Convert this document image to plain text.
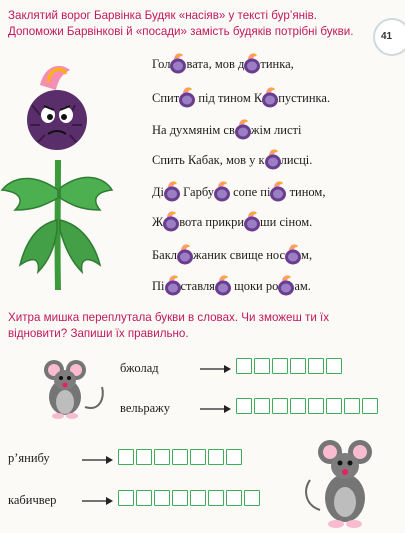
41
Заклятий ворог Барвінка Будяк «насіяв» у тексті бур’янів. Допоможи Барвінкові й «посади» замість будяків потрібні букви.
Гол вата, мов д тинка,
Спит
під тином К пустинка.
На духмянім св жім листі
Спить Кабак, мов у к лисці.
Ді
Гарбу
сопе пі
тином,
Ж вота прикри ши сіном.
Бакл жаник свище нос м,
Пі ставля
щоки ро ам.
Хитра мишка переплутала букви в словах. Чи зможеш ти їх відновити? Запиши їх правильно.
бжолад
вельражу
р’янибу
кабичвер
